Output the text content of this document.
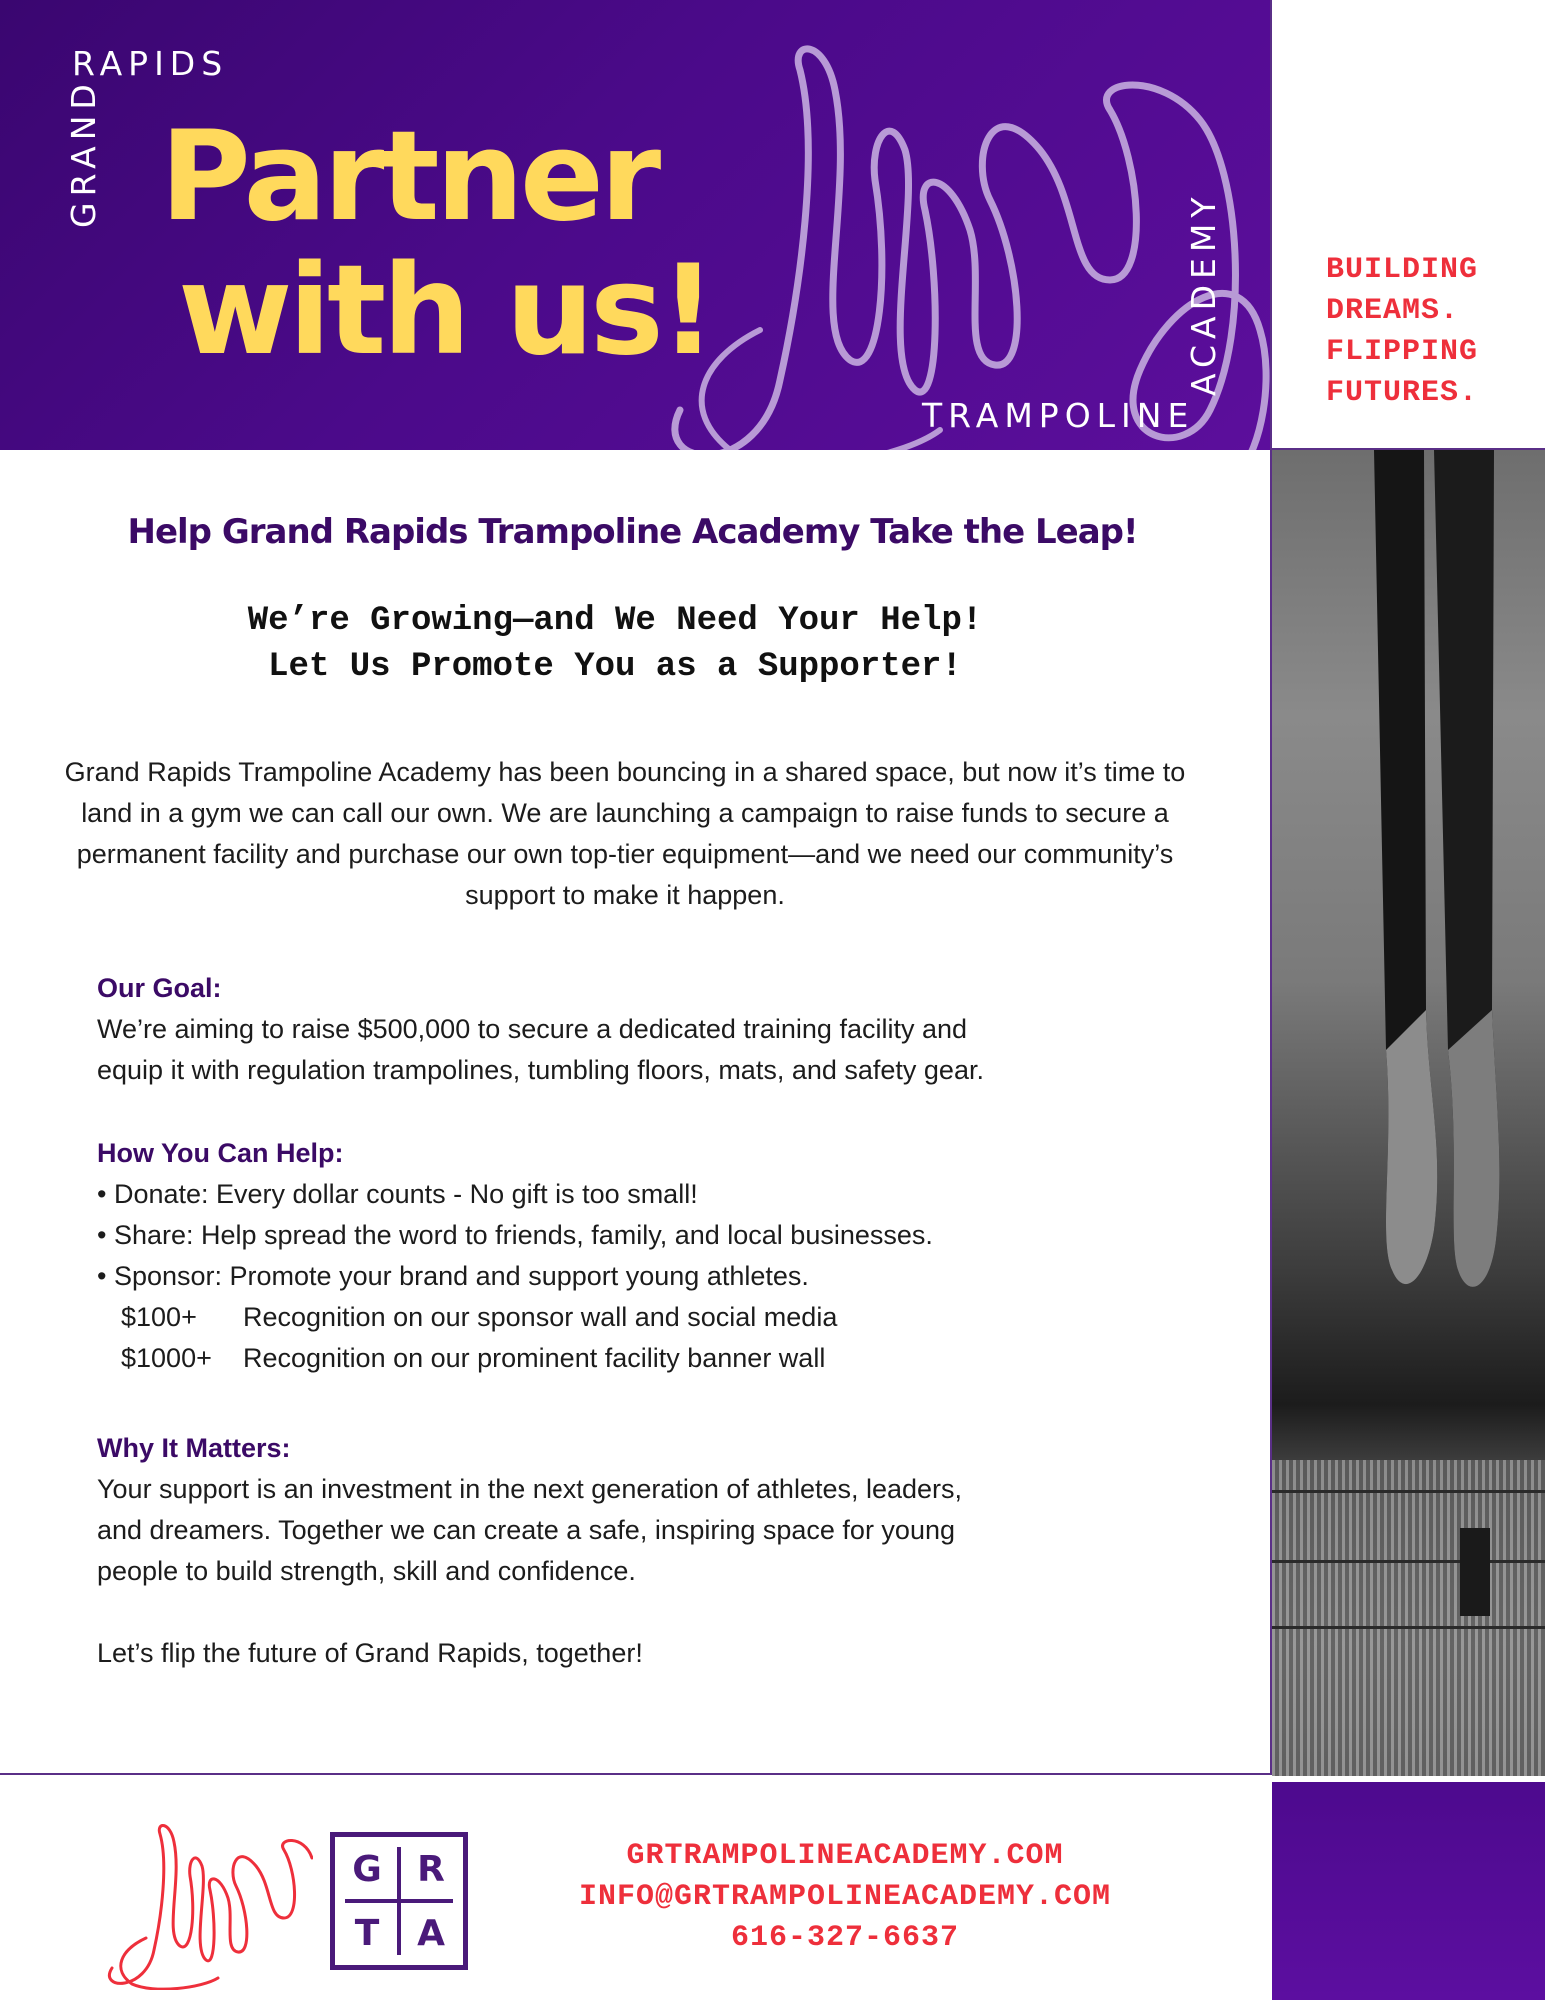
GRAND
RAPIDS
Partner
with us!
TRAMPOLINE
ACADEMY	BUILDING
DREAMS.
FLIPPING
FUTURES.
Help Grand Rapids Trampoline Academy Take the Leap!
We’re Growing—and We Need Your Help!
Let Us Promote You as a Supporter!
Grand Rapids Trampoline Academy has been bouncing in a shared space, but now it’s time to land in a gym we can call our own. We are launching a campaign to raise funds to secure a permanent facility and purchase our own top-tier equipment—and we need our community’s support to make it happen.
Our Goal:
We’re aiming to raise $500,000 to secure a dedicated training facility and
equip it with regulation trampolines, tumbling floors, mats, and safety gear.
How You Can Help:
• Donate: Every dollar counts - No gift is too small!
• Share: Help spread the word to friends, family, and local businesses.
• Sponsor: Promote your brand and support young athletes.
$100+ Recognition on our sponsor wall and social media
$1000+ Recognition on our prominent facility banner wall
Why It Matters:
Your support is an investment in the next generation of athletes, leaders,
and dreamers. Together we can create a safe, inspiring space for young
people to build strength, skill and confidence.
Let’s flip the future of Grand Rapids, together!
G R
T	A
GRTRAMPOLINEACADEMY.COM
INFO@GRTRAMPOLINEACADEMY.COM
616-327-6637
